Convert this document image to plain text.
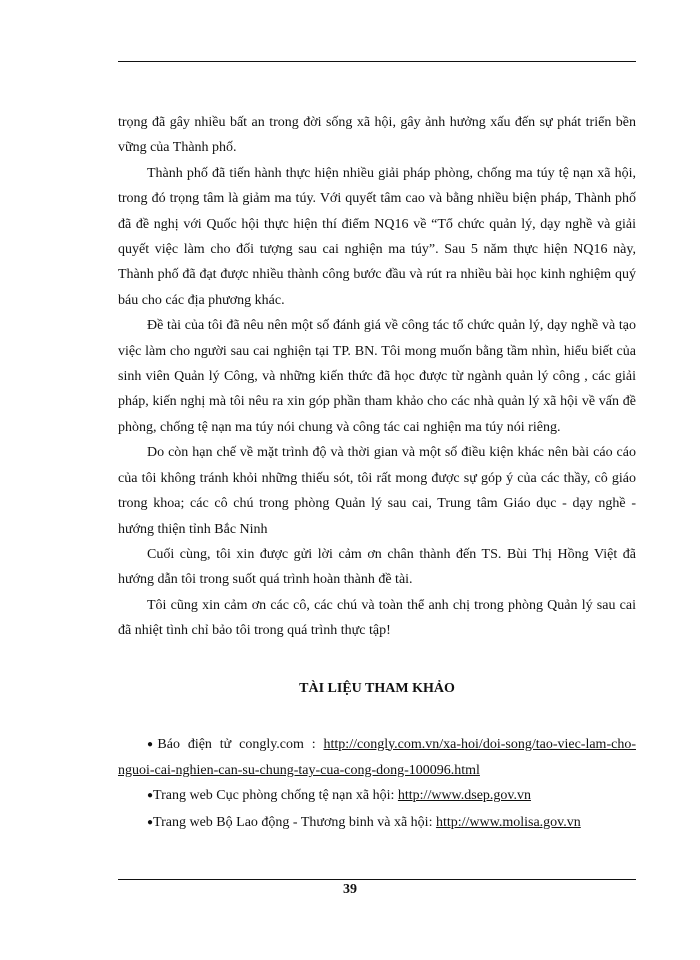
trọng đã gây nhiều bất an trong đời sống xã hội, gây ảnh hưởng xấu đến sự phát triển bền vững của Thành phố.

Thành phố đã tiến hành thực hiện nhiều giải pháp phòng, chống ma túy tệ nạn xã hội, trong đó trọng tâm là giảm ma túy. Với quyết tâm cao và bằng nhiều biện pháp, Thành phố đã đề nghị với Quốc hội thực hiện thí điểm NQ16 về “Tổ chức quản lý, dạy nghề và giải quyết việc làm cho đối tượng sau cai nghiện ma túy”. Sau 5 năm thực hiện NQ16 này, Thành phố đã đạt được nhiều thành công bước đầu và rút ra nhiều bài học kinh nghiệm quý báu cho các địa phương khác.

Đề tài của tôi đã nêu nên một số đánh giá về công tác tổ chức quản lý, dạy nghề và tạo việc làm cho người sau cai nghiện tại TP. BN. Tôi mong muốn bằng tầm nhìn, hiểu biết của sinh viên Quản lý Công, và những kiến thức đã học được từ ngành quản lý công , các giải pháp, kiến nghị mà tôi nêu ra xin góp phần tham khảo cho các nhà quản lý xã hội về vấn đề phòng, chống tệ nạn ma túy nói chung và công tác cai nghiện ma túy nói riêng.

Do còn hạn chế về mặt trình độ và thời gian và một số điều kiện khác nên bài cáo cáo của tôi không tránh khỏi những thiếu sót, tôi rất mong được sự góp ý của các thầy, cô giáo trong khoa; các cô chú trong phòng Quản lý sau cai, Trung tâm Giáo dục - dạy nghề - hướng thiện tỉnh Bắc Ninh

Cuối cùng, tôi xin được gửi lời cảm ơn chân thành đến TS. Bùi Thị Hồng Việt đã hướng dẫn tôi trong suốt quá trình hoàn thành đề tài.

Tôi cũng xin cảm ơn các cô, các chú và toàn thể anh chị trong phòng Quản lý sau cai đã nhiệt tình chỉ bảo tôi trong quá trình thực tập!

TÀI LIỆU THAM KHẢO

●Báo điện tử congly.com : http://congly.com.vn/xa-hoi/doi-song/tao-viec-lam-cho-nguoi-cai-nghien-can-su-chung-tay-cua-cong-dong-100096.html

●Trang web Cục phòng chống tệ nạn xã hội: http://www.dsep.gov.vn

●Trang web Bộ Lao động - Thương binh và xã hội: http://www.molisa.gov.vn

39
